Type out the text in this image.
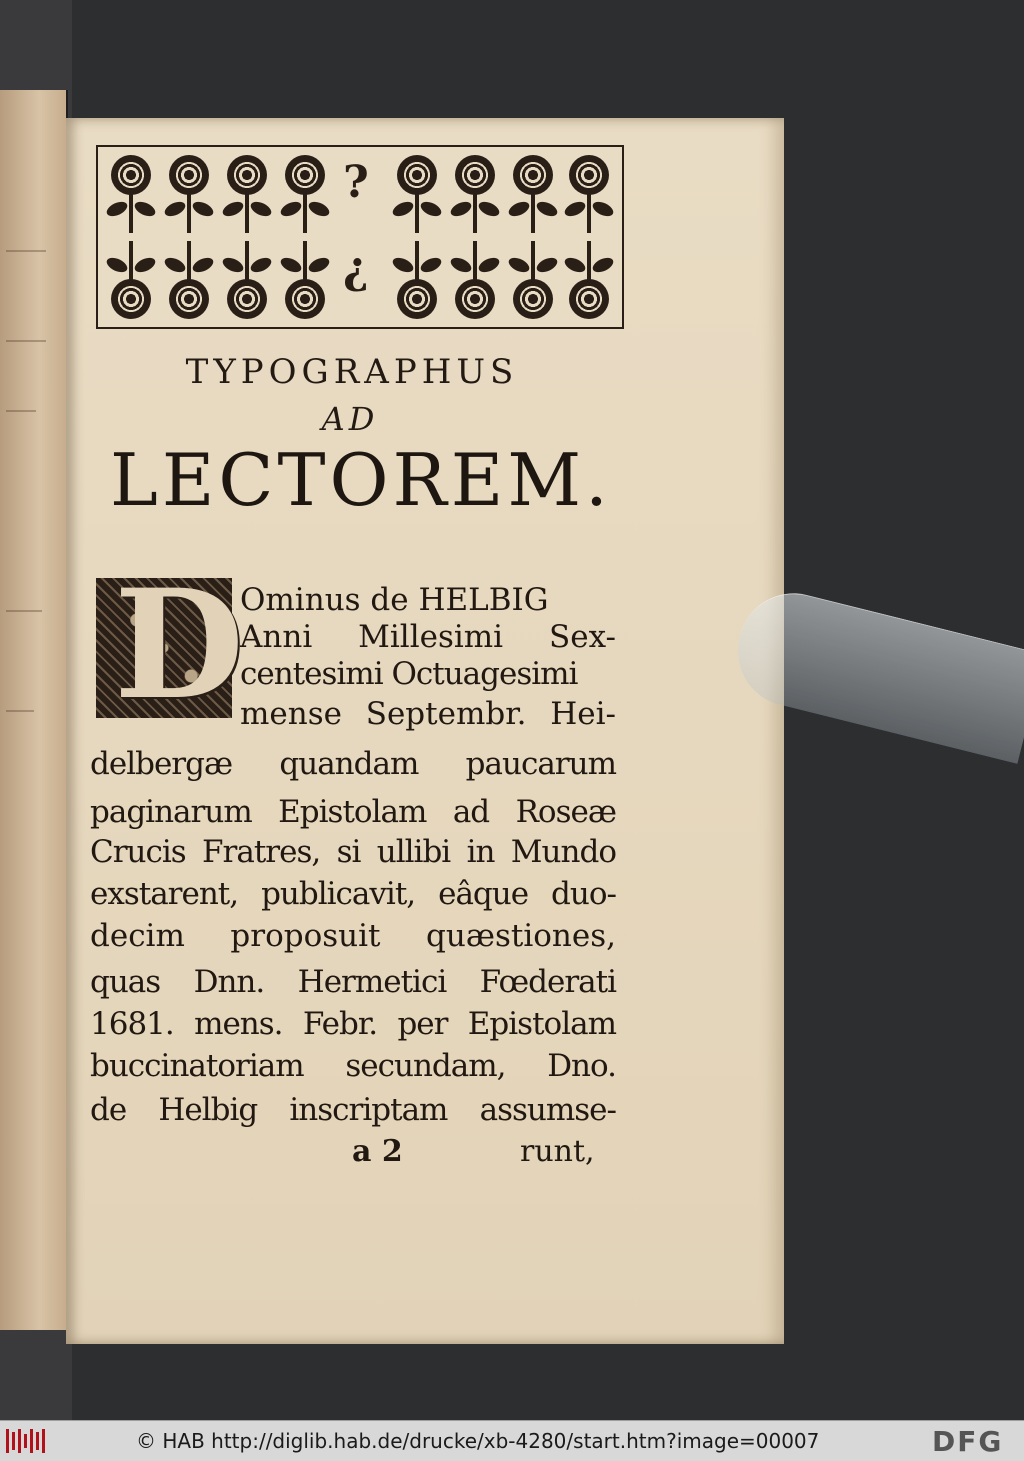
?
¿
TYPOGRAPHUS
AD
LECTOREM.
D
Ominus de HELBIG
Anni Millesimi Sex-
centesimi Octuagesimi
mense Septembr. Hei-
delbergæ quandam paucarum
paginarum Epistolam ad Roseæ
Crucis Fratres, si ullibi in Mundo
exstarent, publicavit, eâque duo-
decim proposuit quæstiones,
quas Dnn. Hermetici Fœderati
1681. mens. Febr. per Epistolam
buccinatoriam secundam, Dno.
de Helbig inscriptam assumse-
a 2	runt,
© HAB http://diglib.hab.de/drucke/xb-4280/start.htm?image=00007	DFG
